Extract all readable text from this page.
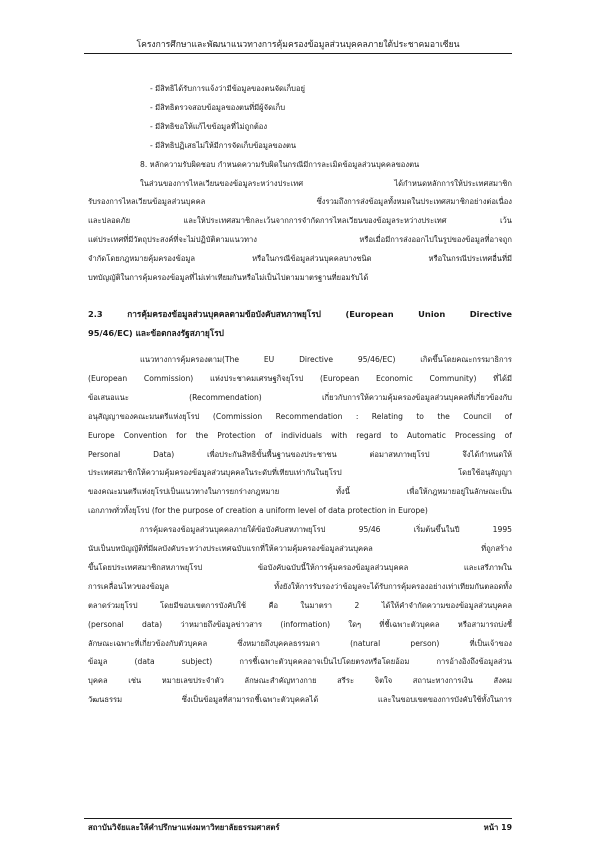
โครงการศึกษาและพัฒนาแนวทางการคุ้มครองข้อมูลส่วนบุคคลภายใต้ประชาคมอาเซียน
- มีสิทธิได้รับการแจ้งว่ามีข้อมูลของตนจัดเก็บอยู่
- มีสิทธิตรวจสอบข้อมูลของตนที่มีผู้จัดเก็บ
- มีสิทธิขอให้แก้ไขข้อมูลที่ไม่ถูกต้อง
- มีสิทธิปฏิเสธไม่ให้มีการจัดเก็บข้อมูลของตน

8. หลักความรับผิดชอบ กำหนดความรับผิดในกรณีมีการละเมิดข้อมูลส่วนบุคคลของตน

ในส่วนของการไหลเวียนของข้อมูลระหว่างประเทศ ได้กำหนดหลักการให้ประเทศสมาชิก

รับรองการไหลเวียนข้อมูลส่วนบุคคล ซึ่งรวมถึงการส่งข้อมูลทั้งหมดในประเทศสมาชิกอย่างต่อเนื่อง

และปลอดภัย และให้ประเทศสมาชิกละเว้นจากการจำกัดการไหลเวียนของข้อมูลระหว่างประเทศ เว้น

แต่ประเทศที่มีวัตถุประสงค์ที่จะไม่ปฏิบัติตามแนวทาง หรือเมื่อมีการส่งออกไปในรูปของข้อมูลที่อาจถูก

จำกัดโดยกฎหมายคุ้มครองข้อมูล หรือในกรณีข้อมูลส่วนบุคคลบางชนิด หรือในกรณีประเทศอื่นที่มี

บทบัญญัติในการคุ้มครองข้อมูลที่ไม่เท่าเทียมกันหรือไม่เป็นไปตามมาตรฐานที่ยอมรับได้

2.3 การคุ้มครองข้อมูลส่วนบุคคลตามข้อบังคับสหภาพยุโรป (European Union Directive
95/46/EC) และข้อตกลงรัฐสภายุโรป

แนวทางการคุ้มครองตาม(The EU Directive 95/46/EC) เกิดขึ้นโดยคณะกรรมาธิการ

(European Commission) แห่งประชาคมเศรษฐกิจยุโรป (European Economic Community) ที่ได้มี

ข้อเสนอแนะ (Recommendation) เกี่ยวกับการให้ความคุ้มครองข้อมูลส่วนบุคคลที่เกี่ยวข้องกับ

อนุสัญญาของคณะมนตรีแห่งยุโรป (Commission Recommendation : Relating to the Council of

Europe Convention for the Protection of individuals with regard to Automatic Processing of

Personal Data) เพื่อประกันสิทธิขั้นพื้นฐานของประชาชน ต่อมาสหภาพยุโรป จึงได้กำหนดให้

ประเทศสมาชิกให้ความคุ้มครองข้อมูลส่วนบุคคลในระดับที่เทียบเท่ากันในยุโรป โดยใช้อนุสัญญา

ของคณะมนตรีแห่งยุโรปเป็นแนวทางในการยกร่างกฎหมาย ทั้งนี้ เพื่อให้กฎหมายอยู่ในลักษณะเป็น

เอกภาพทั่วทั้งยุโรป (for the purpose of creation a uniform level of data protection in Europe)

การคุ้มครองข้อมูลส่วนบุคคลภายใต้ข้อบังคับสหภาพยุโรป 95/46 เริ่มต้นขึ้นในปี 1995

นับเป็นบทบัญญัติที่มีผลบังคับระหว่างประเทศฉบับแรกที่ให้ความคุ้มครองข้อมูลส่วนบุคคล ที่ถูกสร้าง

ขึ้นโดยประเทศสมาชิกสหภาพยุโรป ข้อบังคับฉบับนี้ให้การคุ้มครองข้อมูลส่วนบุคคล และเสรีภาพใน

การเคลื่อนไหวของข้อมูล ทั้งยังให้การรับรองว่าข้อมูลจะได้รับการคุ้มครองอย่างเท่าเทียมกันตลอดทั้ง

ตลาดร่วมยุโรป โดยมีขอบเขตการบังคับใช้ คือ ในมาตรา 2 ได้ให้คำจำกัดความของข้อมูลส่วนบุคคล

(personal data) ว่าหมายถึงข้อมูลข่าวสาร (information) ใดๆ ที่ชี้เฉพาะตัวบุคคล หรือสามารถบ่งชี้

ลักษณะเฉพาะที่เกี่ยวข้องกับตัวบุคคล ซึ่งหมายถึงบุคคลธรรมดา (natural person) ที่เป็นเจ้าของ

ข้อมูล (data subject) การชี้เฉพาะตัวบุคคลอาจเป็นไปโดยตรงหรือโดยอ้อม การอ้างอิงถึงข้อมูลส่วน

บุคคล เช่น หมายเลขประจำตัว ลักษณะสำคัญทางกาย สรีระ จิตใจ สถานะทางการเงิน สังคม

วัฒนธรรม ซึ่งเป็นข้อมูลที่สามารถชี้เฉพาะตัวบุคคลได้ และในขอบเขตของการบังคับใช้ทั้งในการ

สถาบันวิจัยและให้คำปรึกษาแห่งมหาวิทยาลัยธรรมศาสตร์	หน้า 19
